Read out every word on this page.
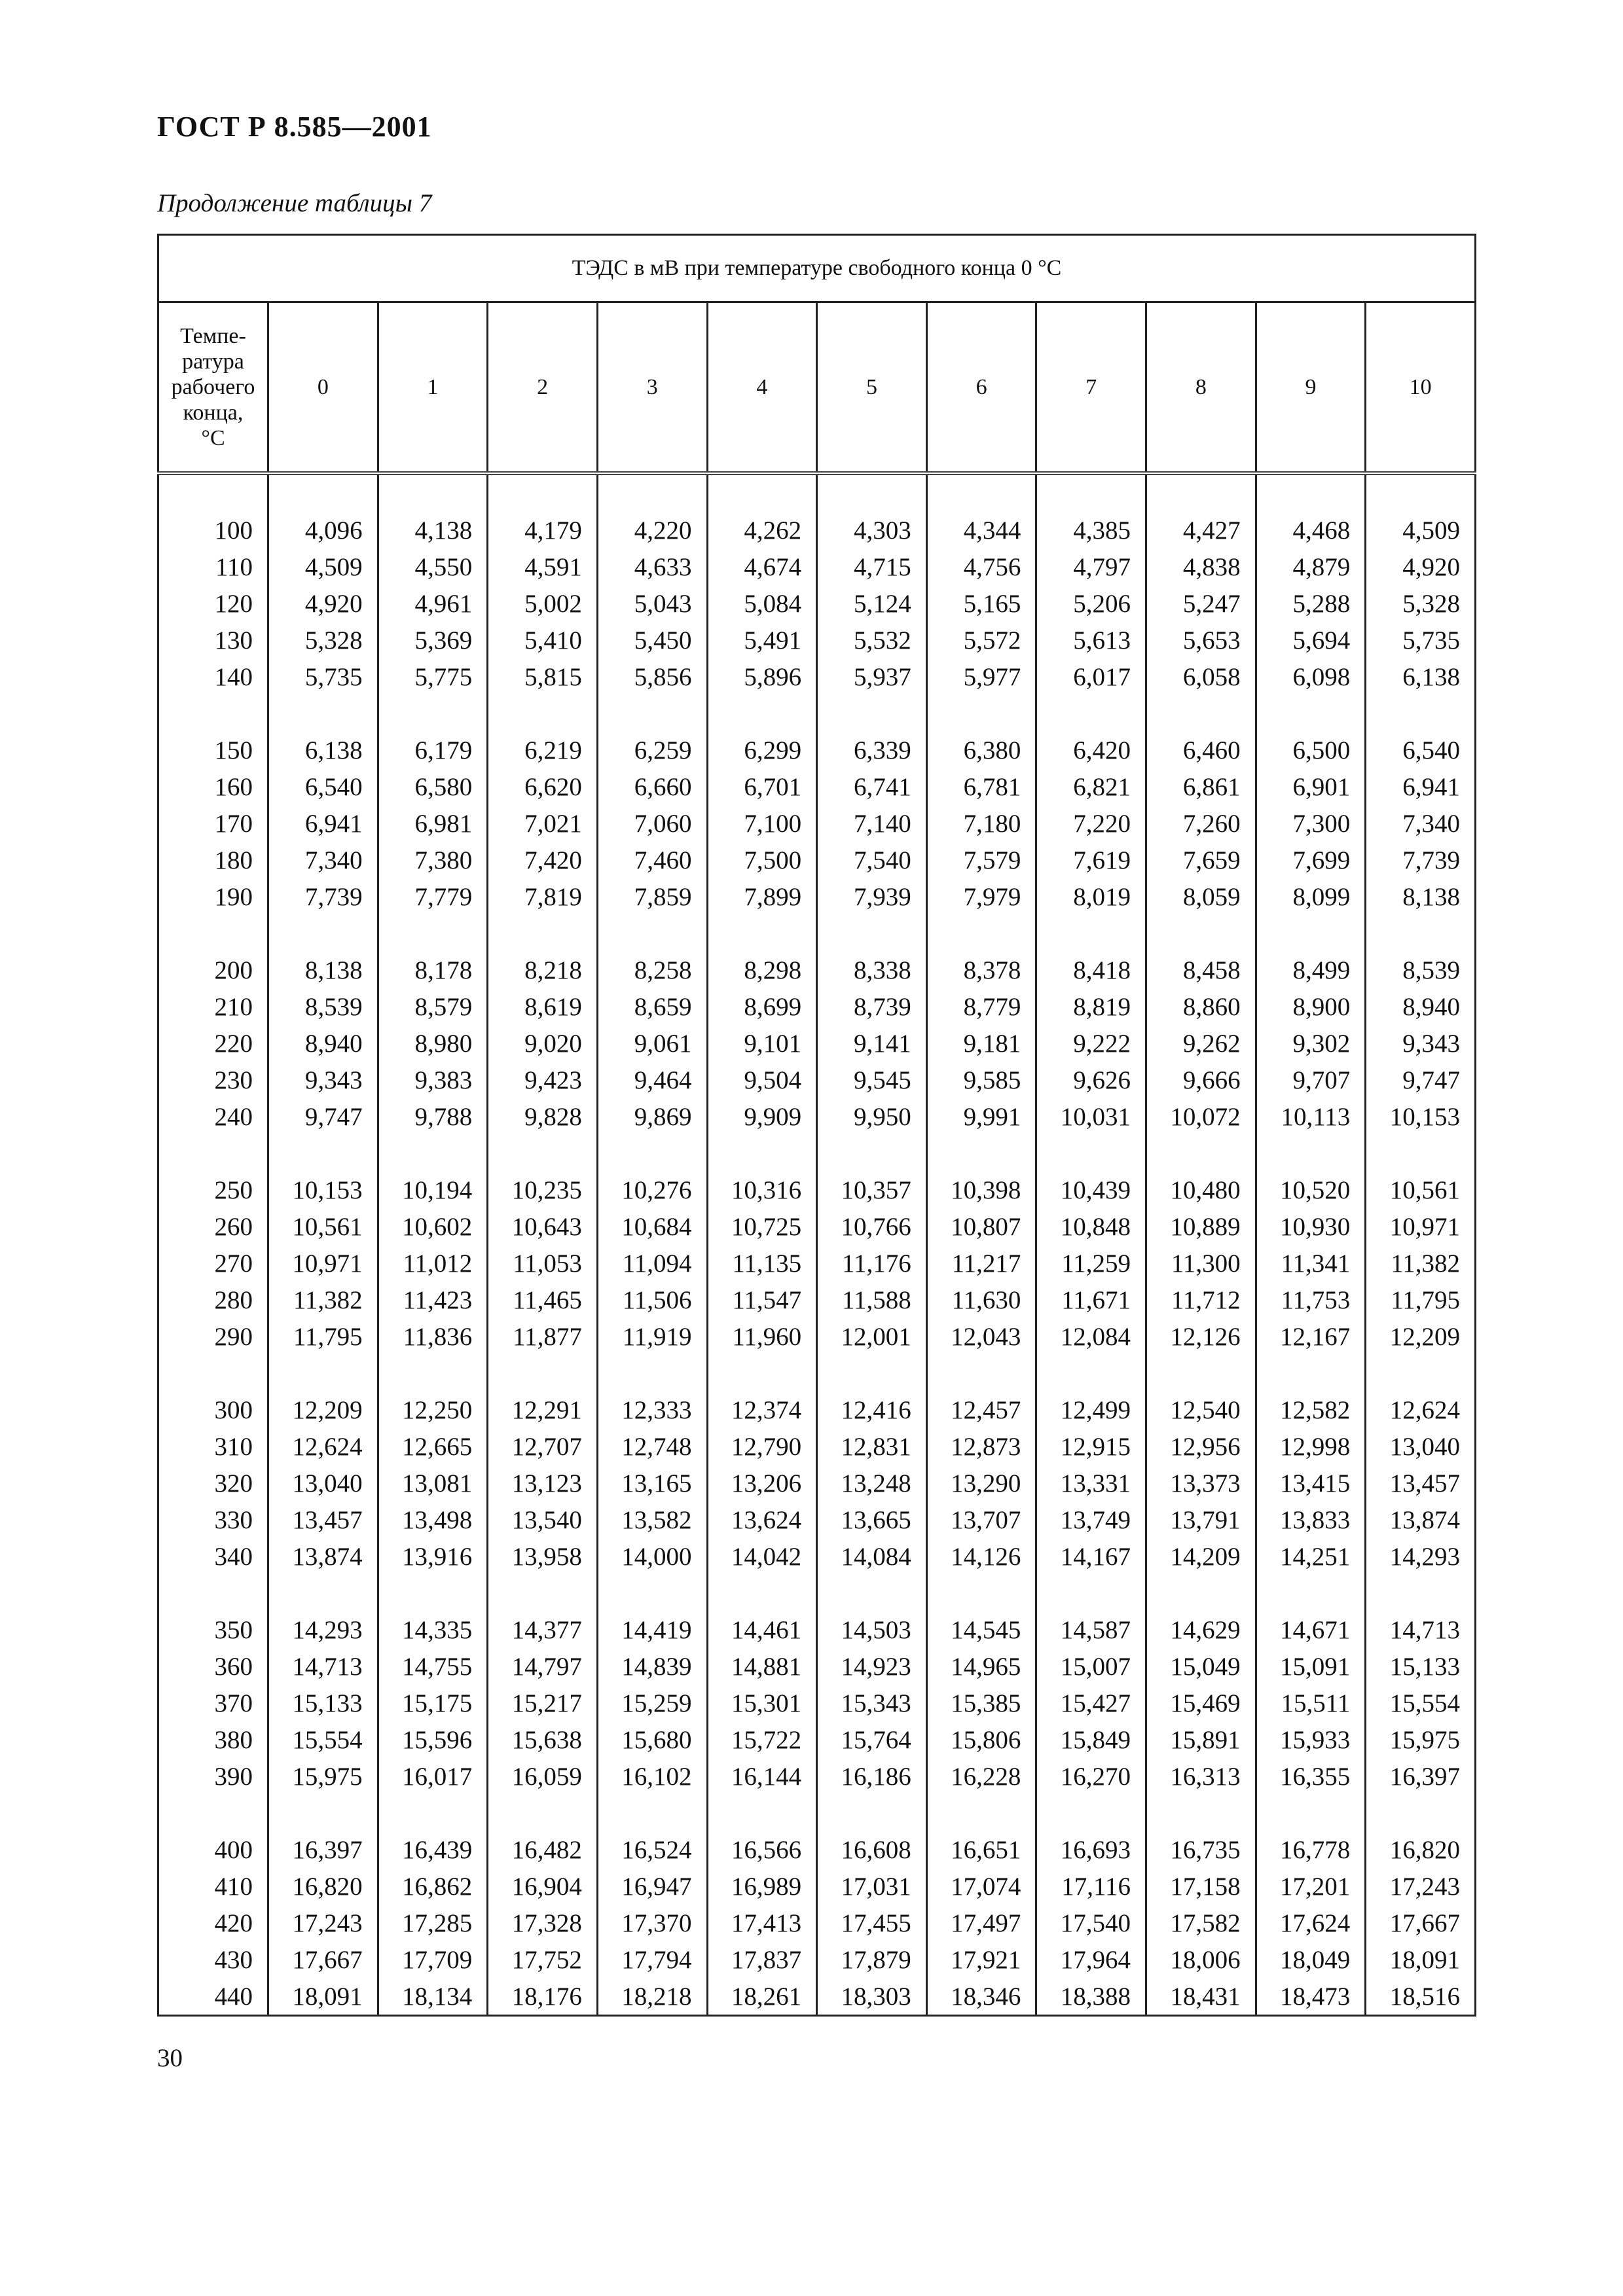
ГОСТ Р 8.585—2001
Продолжение таблицы 7
ТЭДС в мВ при температуре свободного конца 0 °С											
Темпе-
ратура
рабочего
конца,
°С	0	1	2	3	4	5	6	7	8	9	10

100	4,096	4,138	4,179	4,220	4,262	4,303	4,344	4,385	4,427	4,468	4,509
110	4,509	4,550	4,591	4,633	4,674	4,715	4,756	4,797	4,838	4,879	4,920
120	4,920	4,961	5,002	5,043	5,084	5,124	5,165	5,206	5,247	5,288	5,328
130	5,328	5,369	5,410	5,450	5,491	5,532	5,572	5,613	5,653	5,694	5,735
140	5,735	5,775	5,815	5,856	5,896	5,937	5,977	6,017	6,058	6,098	6,138

150	6,138	6,179	6,219	6,259	6,299	6,339	6,380	6,420	6,460	6,500	6,540
160	6,540	6,580	6,620	6,660	6,701	6,741	6,781	6,821	6,861	6,901	6,941
170	6,941	6,981	7,021	7,060	7,100	7,140	7,180	7,220	7,260	7,300	7,340
180	7,340	7,380	7,420	7,460	7,500	7,540	7,579	7,619	7,659	7,699	7,739
190	7,739	7,779	7,819	7,859	7,899	7,939	7,979	8,019	8,059	8,099	8,138

200	8,138	8,178	8,218	8,258	8,298	8,338	8,378	8,418	8,458	8,499	8,539
210	8,539	8,579	8,619	8,659	8,699	8,739	8,779	8,819	8,860	8,900	8,940
220	8,940	8,980	9,020	9,061	9,101	9,141	9,181	9,222	9,262	9,302	9,343
230	9,343	9,383	9,423	9,464	9,504	9,545	9,585	9,626	9,666	9,707	9,747
240	9,747	9,788	9,828	9,869	9,909	9,950	9,991	10,031	10,072	10,113	10,153

250	10,153	10,194	10,235	10,276	10,316	10,357	10,398	10,439	10,480	10,520	10,561
260	10,561	10,602	10,643	10,684	10,725	10,766	10,807	10,848	10,889	10,930	10,971
270	10,971	11,012	11,053	11,094	11,135	11,176	11,217	11,259	11,300	11,341	11,382
280	11,382	11,423	11,465	11,506	11,547	11,588	11,630	11,671	11,712	11,753	11,795
290	11,795	11,836	11,877	11,919	11,960	12,001	12,043	12,084	12,126	12,167	12,209

300	12,209	12,250	12,291	12,333	12,374	12,416	12,457	12,499	12,540	12,582	12,624
310	12,624	12,665	12,707	12,748	12,790	12,831	12,873	12,915	12,956	12,998	13,040
320	13,040	13,081	13,123	13,165	13,206	13,248	13,290	13,331	13,373	13,415	13,457
330	13,457	13,498	13,540	13,582	13,624	13,665	13,707	13,749	13,791	13,833	13,874
340	13,874	13,916	13,958	14,000	14,042	14,084	14,126	14,167	14,209	14,251	14,293

350	14,293	14,335	14,377	14,419	14,461	14,503	14,545	14,587	14,629	14,671	14,713
360	14,713	14,755	14,797	14,839	14,881	14,923	14,965	15,007	15,049	15,091	15,133
370	15,133	15,175	15,217	15,259	15,301	15,343	15,385	15,427	15,469	15,511	15,554
380	15,554	15,596	15,638	15,680	15,722	15,764	15,806	15,849	15,891	15,933	15,975
390	15,975	16,017	16,059	16,102	16,144	16,186	16,228	16,270	16,313	16,355	16,397

400	16,397	16,439	16,482	16,524	16,566	16,608	16,651	16,693	16,735	16,778	16,820
410	16,820	16,862	16,904	16,947	16,989	17,031	17,074	17,116	17,158	17,201	17,243
420	17,243	17,285	17,328	17,370	17,413	17,455	17,497	17,540	17,582	17,624	17,667
430	17,667	17,709	17,752	17,794	17,837	17,879	17,921	17,964	18,006	18,049	18,091
440	18,091	18,134	18,176	18,218	18,261	18,303	18,346	18,388	18,431	18,473	18,516
30
